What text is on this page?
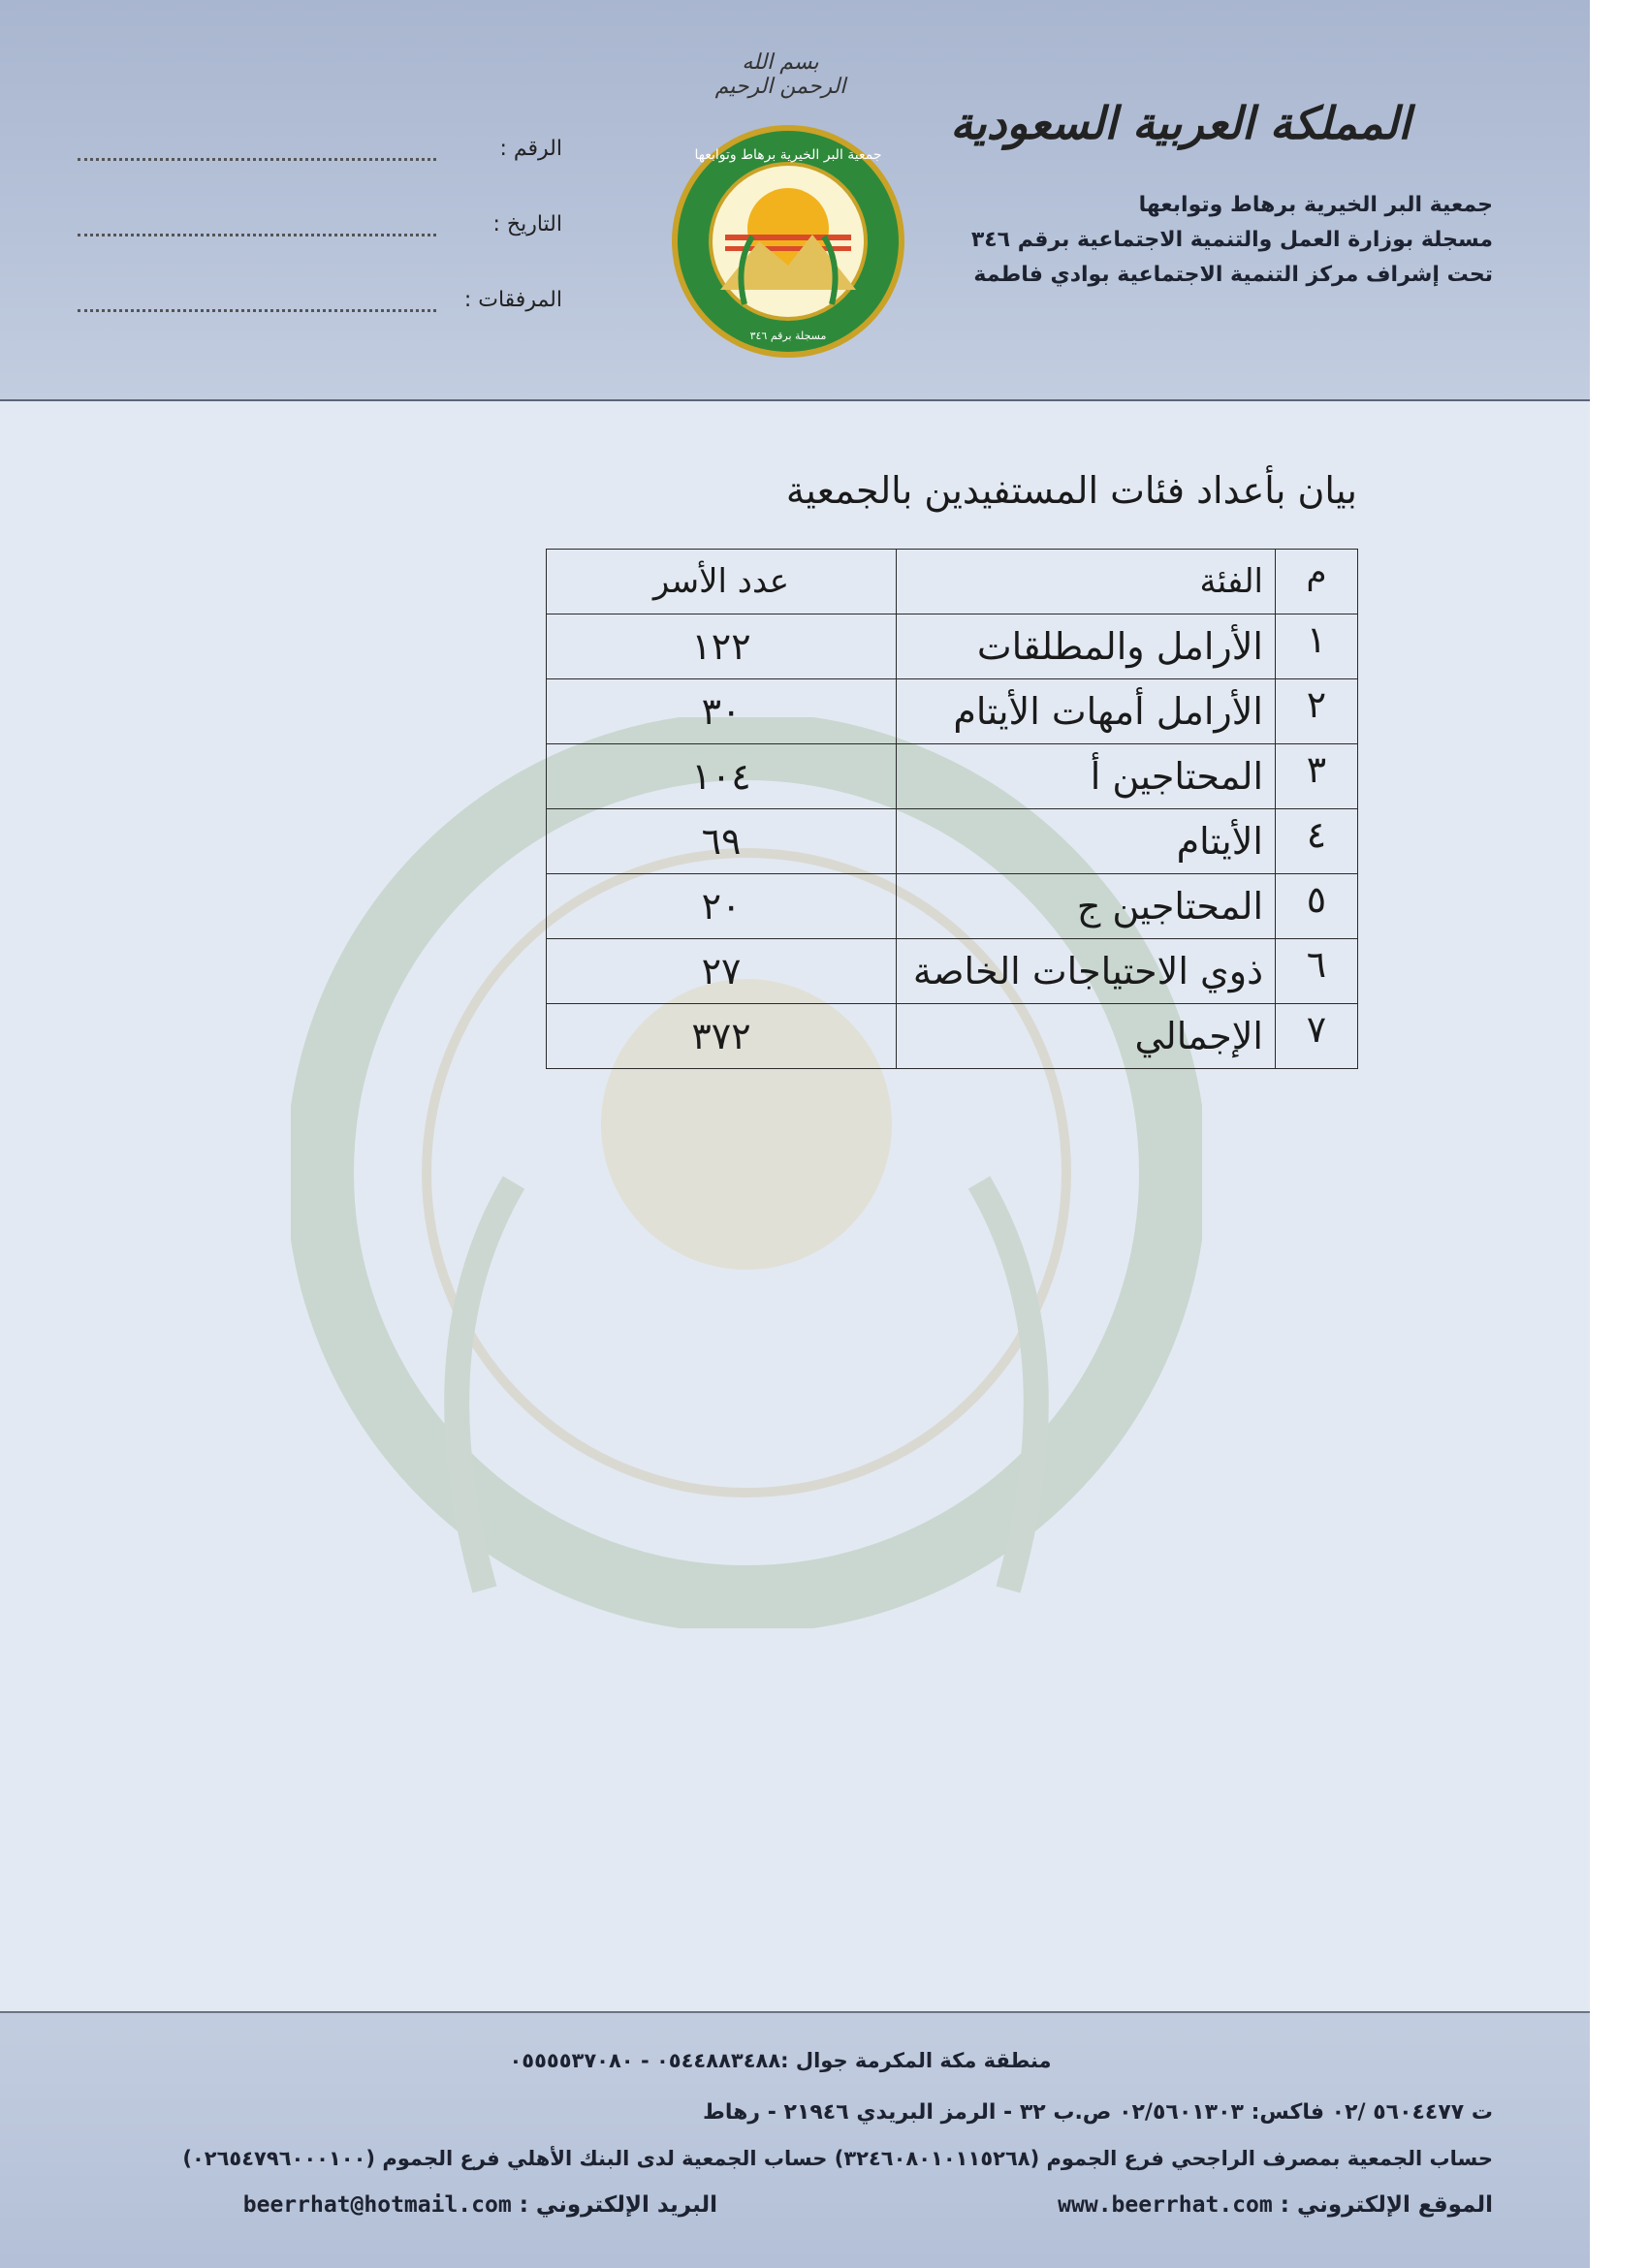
بسم الله الرحمن الرحيم
جمعية البر الخيرية برهاط وتوابعها
مسجلة برقم ٣٤٦
المملكة العربية السعودية
جمعية البر الخيرية برهاط وتوابعها
مسجلة بوزارة العمل والتنمية الاجتماعية برقم ٣٤٦
تحت إشراف مركز التنمية الاجتماعية بوادي فاطمة
الرقم :
التاريخ :
المرفقات :
بيان بأعداد فئات المستفيدين بالجمعية
م	الفئة	عدد الأسر
١	الأرامل والمطلقات	١٢٢
٢	الأرامل أمهات الأيتام	٣٠
٣	المحتاجين أ	١٠٤
٤	الأيتام	٦٩
٥	المحتاجين ج	٢٠
٦	ذوي الاحتياجات الخاصة	٢٧
٧	الإجمالي	٣٧٢
منطقة مكة المكرمة جوال :٠٥٤٤٨٨٣٤٨٨ - ٠٥٥٥٥٣٧٠٨٠
ت ٥٦٠٤٤٧٧ /٠٢ فاكس: ٠٢/٥٦٠١٣٠٣ ص.ب ٣٢ - الرمز البريدي ٢١٩٤٦ - رهاط
حساب الجمعية بمصرف الراجحي فرع الجموم (٣٢٤٦٠٨٠١٠١١٥٢٦٨) حساب الجمعية لدى البنك الأهلي فرع الجموم (٠٢٦٥٤٧٩٦٠٠٠١٠٠)
الموقع الإلكتروني : www.beerrhat.com
البريد الإلكتروني : beerrhat@hotmail.com
